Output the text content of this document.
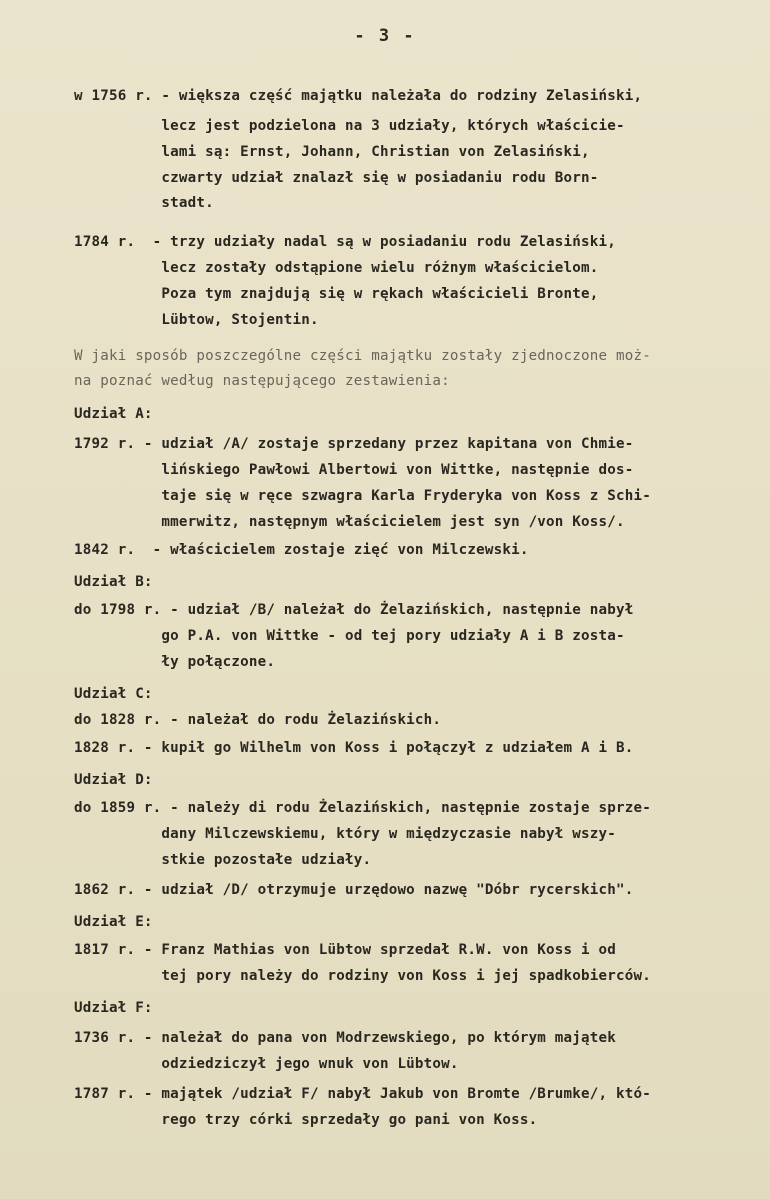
- 3 -
w 1756 r. - większa część majątku należała do rodziny Zelasiński,
lecz jest podzielona na 3 udziały, których właściciе-
lami są: Ernst, Johann, Christian von Zelasiński,
czwarty udział znalazł się w posiadaniu rodu Born-
stadt.
1784 r.  - trzy udziały nadal są w posiadaniu rodu Zelasiński,
lecz zostały odstąpione wielu różnym właścicielom.
Poza tym znajdują się w rękach właścicieli Bronte,
Lübtow, Stojentin.
W jaki sposób poszczególne części majątku zostały zjednoczone moż-
na poznać według następującego zestawienia:
Udział A:
1792 r. - udział /A/ zostaje sprzedany przez kapitana von Chmie-
lińskiego Pawłowi Albertowi von Wittke, następnie dos-
taje się w ręce szwagra Karla Fryderyka von Koss z Schi-
mmerwitz, następnym właścicielem jest syn /von Koss/.
1842 r.  - właścicielem zostaje zięć von Milczewski.
Udział B:
do 1798 r. - udział /B/ należał do Żelazińskich, następnie nabył
go P.A. von Wittke - od tej pory udziały A i B zosta-
ły połączone.
Udział C:
do 1828 r. - należał do rodu Żelazińskich.
1828 r. - kupił go Wilhelm von Koss i połączył z udziałem A i B.
Udział D:
do 1859 r. - należy di rodu Żelazińskich, następnie zostaje sprze-
dany Milczewskiemu, który w międzyczasie nabył wszy-
stkie pozostałe udziały.
1862 r. - udział /D/ otrzymuje urzędowo nazwę "Dóbr rycerskich".
Udział E:
1817 r. - Franz Mathias von Lübtow sprzedał R.W. von Koss i od
tej pory należy do rodziny von Koss i jej spadkobierców.
Udział F:
1736 r. - należał do pana von Modrzewskiego, po którym majątek
odziedziczył jego wnuk von Lübtow.
1787 r. - majątek /udział F/ nabył Jakub von Bromte /Brumke/, któ-
rego trzy córki sprzedały go pani von Koss.
